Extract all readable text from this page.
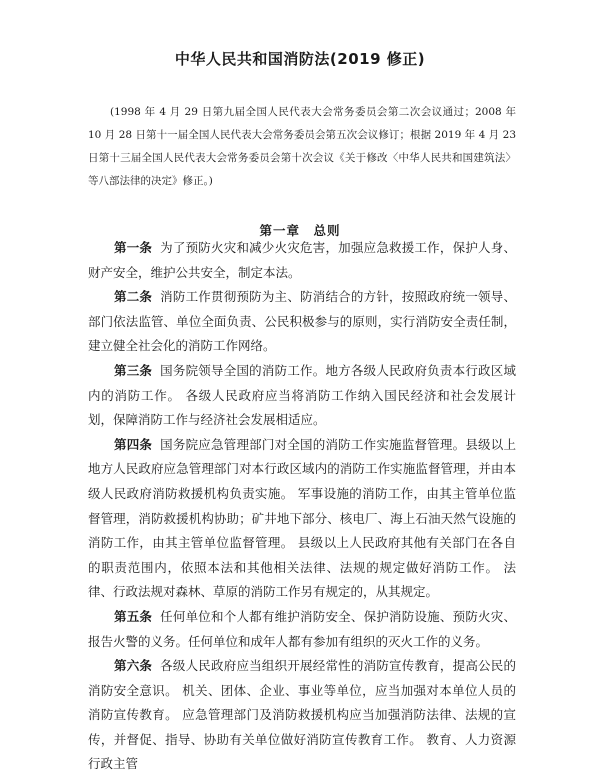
中华人民共和国消防法(2019 修正)

(1998 年 4 月 29 日第九届全国人民代表大会常务委员会第二次会议通过；2008 年 10 月 28 日第十一届全国人民代表大会常务委员会第五次会议修订；根据 2019 年 4 月 23 日第十三届全国人民代表大会常务委员会第十次会议《关于修改〈中华人民共和国建筑法〉等八部法律的决定》修正。)

第一章　总则

第一条 为了预防火灾和减少火灾危害，加强应急救援工作，保护人身、财产安全，维护公共安全，制定本法。

第二条 消防工作贯彻预防为主、防消结合的方针，按照政府统一领导、部门依法监管、单位全面负责、公民积极参与的原则，实行消防安全责任制，建立健全社会化的消防工作网络。

第三条 国务院领导全国的消防工作。地方各级人民政府负责本行政区域内的消防工作。 各级人民政府应当将消防工作纳入国民经济和社会发展计划，保障消防工作与经济社会发展相适应。

第四条 国务院应急管理部门对全国的消防工作实施监督管理。县级以上地方人民政府应急管理部门对本行政区域内的消防工作实施监督管理，并由本级人民政府消防救援机构负责实施。 军事设施的消防工作，由其主管单位监督管理，消防救援机构协助；矿井地下部分、核电厂、海上石油天然气设施的消防工作，由其主管单位监督管理。 县级以上人民政府其他有关部门在各自的职责范围内，依照本法和其他相关法律、法规的规定做好消防工作。 法律、行政法规对森林、草原的消防工作另有规定的，从其规定。

第五条 任何单位和个人都有维护消防安全、保护消防设施、预防火灾、报告火警的义务。任何单位和成年人都有参加有组织的灭火工作的义务。

第六条 各级人民政府应当组织开展经常性的消防宣传教育，提高公民的消防安全意识。 机关、团体、企业、事业等单位，应当加强对本单位人员的消防宣传教育。 应急管理部门及消防救援机构应当加强消防法律、法规的宣传，并督促、指导、协助有关单位做好消防宣传教育工作。 教育、人力资源行政主管
